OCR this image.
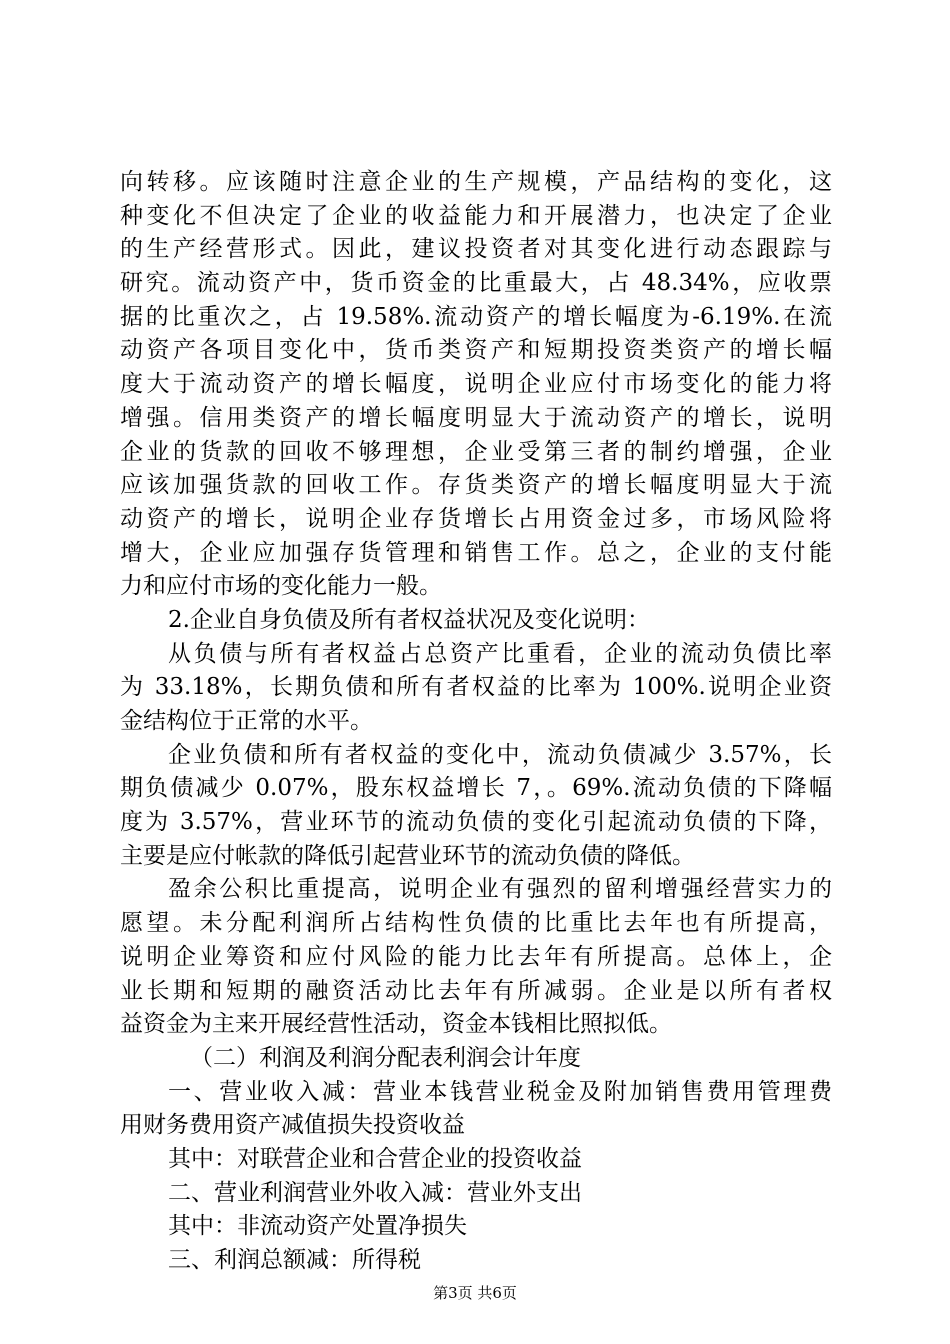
向转移。应该随时注意企业的生产规模，产品结构的变化，这
种变化不但决定了企业的收益能力和开展潜力，也决定了企业
的生产经营形式。因此，建议投资者对其变化进行动态跟踪与
研究。流动资产中，货币资金的比重最大，占 48.34%，应收票
据的比重次之，占 19.58%.流动资产的增长幅度为-6.19%.在流
动资产各项目变化中，货币类资产和短期投资类资产的增长幅
度大于流动资产的增长幅度，说明企业应付市场变化的能力将
增强。信用类资产的增长幅度明显大于流动资产的增长，说明
企业的货款的回收不够理想，企业受第三者的制约增强，企业
应该加强货款的回收工作。存货类资产的增长幅度明显大于流
动资产的增长，说明企业存货增长占用资金过多，市场风险将
增大，企业应加强存货管理和销售工作。总之，企业的支付能
力和应付市场的变化能力一般。
2.企业自身负债及所有者权益状况及变化说明：
从负债与所有者权益占总资产比重看，企业的流动负债比率
为 33.18%，长期负债和所有者权益的比率为 100%.说明企业资
金结构位于正常的水平。
企业负债和所有者权益的变化中，流动负债减少 3.57%，长
期负债减少 0.07%，股东权益增长 7，。69%.流动负债的下降幅
度为 3.57%，营业环节的流动负债的变化引起流动负债的下降，
主要是应付帐款的降低引起营业环节的流动负债的降低。
盈余公积比重提高，说明企业有强烈的留利增强经营实力的
愿望。未分配利润所占结构性负债的比重比去年也有所提高，
说明企业筹资和应付风险的能力比去年有所提高。总体上，企
业长期和短期的融资活动比去年有所减弱。企业是以所有者权
益资金为主来开展经营性活动，资金本钱相比照拟低。
（二）利润及利润分配表利润会计年度
一、营业收入减：营业本钱营业税金及附加销售费用管理费
用财务费用资产减值损失投资收益
其中：对联营企业和合营企业的投资收益
二、营业利润营业外收入减：营业外支出
其中：非流动资产处置净损失
三、利润总额减：所得税
第3页 共6页
